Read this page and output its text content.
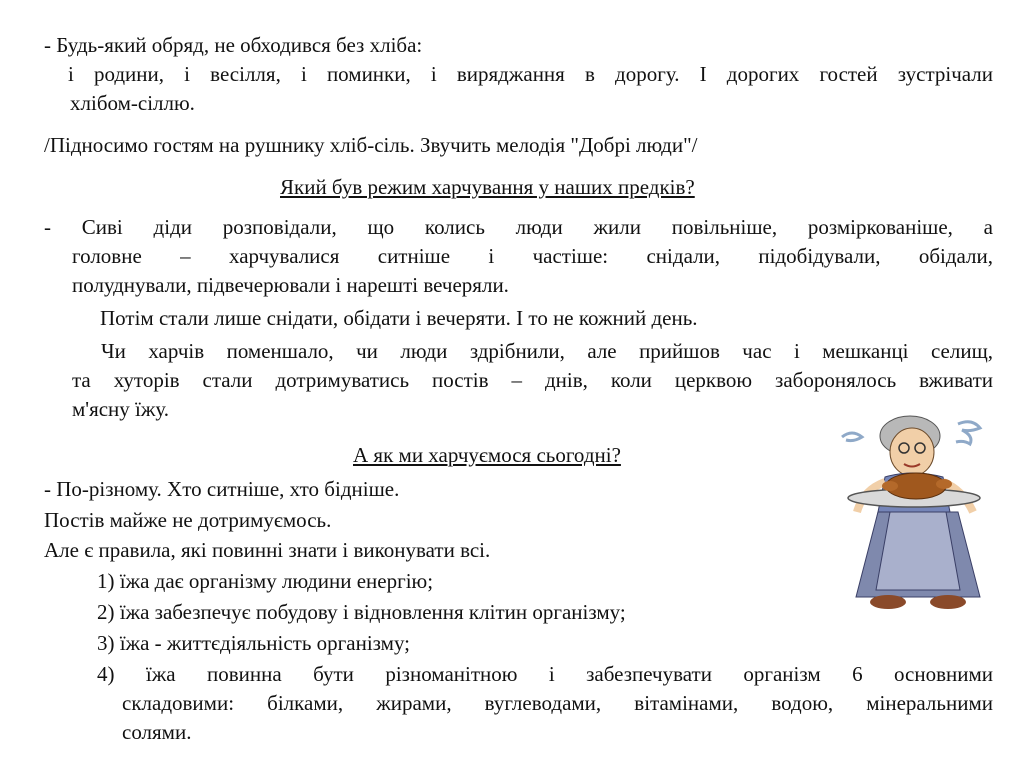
- Будь-який обряд, не обходився без хліба:
і родини, і весілля, і поминки, і виряджання в дорогу. І дорогих гостей зустрічали
хлібом-сіллю.
/Підносимо гостям на рушнику хліб-сіль. Звучить мелодія "Добрі люди"/
Який був режим харчування у наших предків?
- Сиві діди розповідали, що колись люди жили повільніше, розміркованіше, а
головне – харчувалися ситніше і частіше: снідали, підобідували, обідали,
полуднували, підвечерювали і нарешті вечеряли.
Потім стали лише снідати, обідати і вечеряти. І то не кожний день.
Чи харчів поменшало, чи люди здрібнили, але прийшов час і мешканці селищ,
та хуторів стали дотримуватись постів – днів, коли церквою заборонялось вживати
м'ясну їжу.
А як ми харчуємося сьогодні?
- По-різному. Хто ситніше, хто бідніше.
Постів майже не дотримуємось.
Але є правила, які повинні знати і виконувати всі.
1) їжа дає організму людини енергію;
2) їжа забезпечує побудову і відновлення клітин організму;
3) їжа - життєдіяльність організму;
4) їжа повинна бути різноманітною і забезпечувати організм 6 основними
складовими: білками, жирами, вуглеводами, вітамінами, водою, мінеральними
солями.
